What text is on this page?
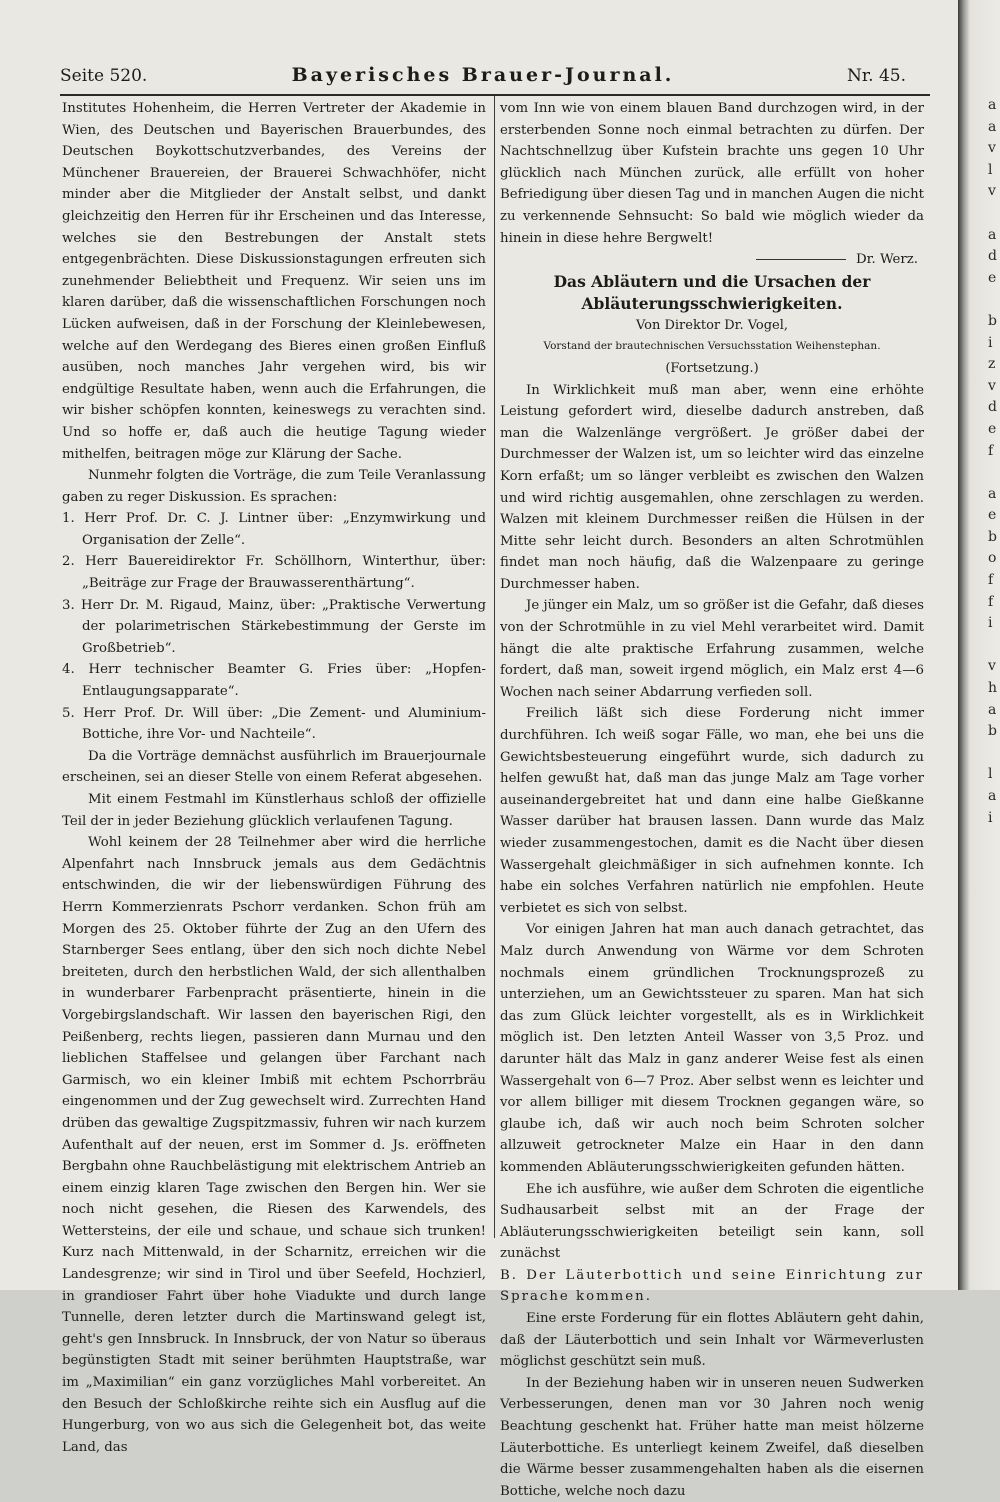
Seite 520.	Bayerisches Brauer-Journal.	Nr. 45.

Institutes Hohenheim, die Herren Vertreter der Akademie in Wien, des Deutschen und Bayerischen Brauerbundes, des Deutschen Boykottschutzverbandes, des Vereins der Münchener Brauereien, der Brauerei Schwachhöfer, nicht minder aber die Mitglieder der Anstalt selbst, und dankt gleichzeitig den Herren für ihr Erscheinen und das Interesse, welches sie den Bestrebungen der Anstalt stets entgegenbrächten. Diese Diskussionstagungen erfreuten sich zunehmender Beliebtheit und Frequenz. Wir seien uns im klaren darüber, daß die wissenschaftlichen Forschungen noch Lücken aufweisen, daß in der Forschung der Kleinlebewesen, welche auf den Werdegang des Bieres einen großen Einfluß ausüben, noch manches Jahr vergehen wird, bis wir endgültige Resultate haben, wenn auch die Erfahrungen, die wir bisher schöpfen konnten, keineswegs zu verachten sind. Und so hoffe er, daß auch die heutige Tagung wieder mithelfen, beitragen möge zur Klärung der Sache.

Nunmehr folgten die Vorträge, die zum Teile Veranlassung gaben zu reger Diskussion. Es sprachen:

1. Herr Prof. Dr. C. J. Lintner über: „Enzymwirkung und Organisation der Zelle“.

2. Herr Bauereidirektor Fr. Schöllhorn, Winterthur, über: „Beiträge zur Frage der Brauwasserenthärtung“.

3. Herr Dr. M. Rigaud, Mainz, über: „Praktische Verwertung der polarimetrischen Stärkebestimmung der Gerste im Großbetrieb“.

4. Herr technischer Beamter G. Fries über: „Hopfen-Entlaugungsapparate“.

5. Herr Prof. Dr. Will über: „Die Zement- und Aluminium-Bottiche, ihre Vor- und Nachteile“.

Da die Vorträge demnächst ausführlich im Brauerjournale erscheinen, sei an dieser Stelle von einem Referat abgesehen.

Mit einem Festmahl im Künstlerhaus schloß der offizielle Teil der in jeder Beziehung glücklich verlaufenen Tagung.

Wohl keinem der 28 Teilnehmer aber wird die herrliche Alpenfahrt nach Innsbruck jemals aus dem Gedächtnis entschwinden, die wir der liebenswürdigen Führung des Herrn Kommerzienrats Pschorr verdanken. Schon früh am Morgen des 25. Oktober führte der Zug an den Ufern des Starnberger Sees entlang, über den sich noch dichte Nebel breiteten, durch den herbstlichen Wald, der sich allenthalben in wunderbarer Farbenpracht präsentierte, hinein in die Vorgebirgslandschaft. Wir lassen den bayerischen Rigi, den Peißenberg, rechts liegen, passieren dann Murnau und den lieblichen Staffelsee und gelangen über Farchant nach Garmisch, wo ein kleiner Imbiß mit echtem Pschorrbräu eingenommen und der Zug gewechselt wird. Zurrechten Hand drüben das gewaltige Zugspitzmassiv, fuhren wir nach kurzem Aufenthalt auf der neuen, erst im Sommer d. Js. eröffneten Bergbahn ohne Rauchbelästigung mit elektrischem Antrieb an einem einzig klaren Tage zwischen den Bergen hin. Wer sie noch nicht gesehen, die Riesen des Karwendels, des Wettersteins, der eile und schaue, und schaue sich trunken! Kurz nach Mittenwald, in der Scharnitz, erreichen wir die Landesgrenze; wir sind in Tirol und über Seefeld, Hochzierl, in grandioser Fahrt über hohe Viadukte und durch lange Tunnelle, deren letzter durch die Martinswand gelegt ist, geht's gen Innsbruck. In Innsbruck, der von Natur so überaus begünstigten Stadt mit seiner berühmten Hauptstraße, war im „Maximilian“ ein ganz vorzügliches Mahl vorbereitet. An den Besuch der Schloßkirche reihte sich ein Ausflug auf die Hungerburg, von wo aus sich die Gelegenheit bot, das weite Land, das

vom Inn wie von einem blauen Band durchzogen wird, in der ersterbenden Sonne noch einmal betrachten zu dürfen. Der Nachtschnellzug über Kufstein brachte uns gegen 10 Uhr glücklich nach München zurück, alle erfüllt von hoher Befriedigung über diesen Tag und in manchen Augen die nicht zu verkennende Sehnsucht: So bald wie möglich wieder da hinein in diese hehre Bergwelt!

Dr. Werz.

Das Abläutern und die Ursachen der Abläuterungsschwierigkeiten.

Von Direktor Dr. Vogel,

Vorstand der brautechnischen Versuchsstation Weihenstephan.

(Fortsetzung.)

In Wirklichkeit muß man aber, wenn eine erhöhte Leistung gefordert wird, dieselbe dadurch anstreben, daß man die Walzenlänge vergrößert. Je größer dabei der Durchmesser der Walzen ist, um so leichter wird das einzelne Korn erfaßt; um so länger verbleibt es zwischen den Walzen und wird richtig ausgemahlen, ohne zerschlagen zu werden. Walzen mit kleinem Durchmesser reißen die Hülsen in der Mitte sehr leicht durch. Besonders an alten Schrotmühlen findet man noch häufig, daß die Walzenpaare zu geringe Durchmesser haben.

Je jünger ein Malz, um so größer ist die Gefahr, daß dieses von der Schrotmühle in zu viel Mehl verarbeitet wird. Damit hängt die alte praktische Erfahrung zusammen, welche fordert, daß man, soweit irgend möglich, ein Malz erst 4—6 Wochen nach seiner Abdarrung verfieden soll.

Freilich läßt sich diese Forderung nicht immer durchführen. Ich weiß sogar Fälle, wo man, ehe bei uns die Gewichtsbesteuerung eingeführt wurde, sich dadurch zu helfen gewußt hat, daß man das junge Malz am Tage vorher auseinandergebreitet hat und dann eine halbe Gießkanne Wasser darüber hat brausen lassen. Dann wurde das Malz wieder zusammengestochen, damit es die Nacht über diesen Wassergehalt gleichmäßiger in sich aufnehmen konnte. Ich habe ein solches Verfahren natürlich nie empfohlen. Heute verbietet es sich von selbst.

Vor einigen Jahren hat man auch danach getrachtet, das Malz durch Anwendung von Wärme vor dem Schroten nochmals einem gründlichen Trocknungsprozeß zu unterziehen, um an Gewichtssteuer zu sparen. Man hat sich das zum Glück leichter vorgestellt, als es in Wirklichkeit möglich ist. Den letzten Anteil Wasser von 3,5 Proz. und darunter hält das Malz in ganz anderer Weise fest als einen Wassergehalt von 6—7 Proz. Aber selbst wenn es leichter und vor allem billiger mit diesem Trocknen gegangen wäre, so glaube ich, daß wir auch noch beim Schroten solcher allzuweit getrockneter Malze ein Haar in den dann kommenden Abläuterungsschwierigkeiten gefunden hätten.

Ehe ich ausführe, wie außer dem Schroten die eigentliche Sudhausarbeit selbst mit an der Frage der Abläuterungsschwierigkeiten beteiligt sein kann, soll zunächst

B. Der Läuterbottich und seine Einrichtung zur Sprache kommen.

Eine erste Forderung für ein flottes Abläutern geht dahin, daß der Läuterbottich und sein Inhalt vor Wärmeverlusten möglichst geschützt sein muß.

In der Beziehung haben wir in unseren neuen Sudwerken Verbesserungen, denen man vor 30 Jahren noch wenig Beachtung geschenkt hat. Früher hatte man meist hölzerne Läuterbottiche. Es unterliegt keinem Zweifel, daß dieselben die Wärme besser zusammengehalten haben als die eisernen Bottiche, welche noch dazu

a
a
v
l
v

a
d
e

b
i
z
v
d
e
f

a
e
b
o
f
f
i

v
h
a
b

l
a
i
